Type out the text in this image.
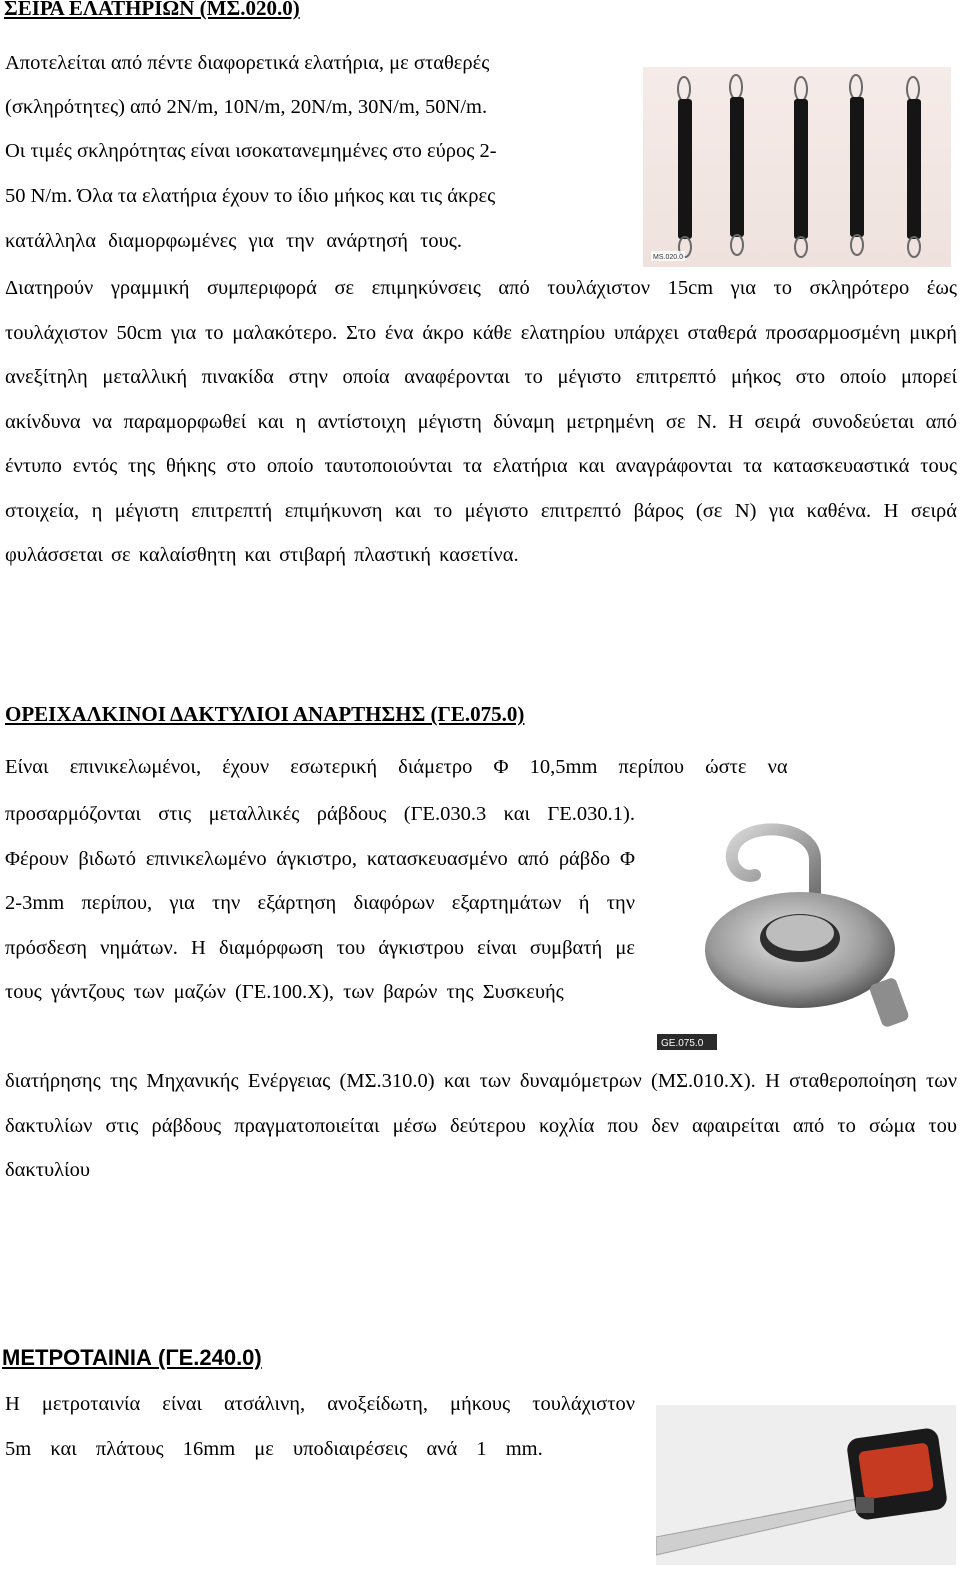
ΣΕΙΡΑ ΕΛΑΤΗΡΙΩΝ (ΜΣ.020.0)

Αποτελείται από πέντε διαφορετικά ελατήρια, με σταθερές

(σκληρότητες) από 2N/m, 10N/m, 20N/m, 30N/m, 50N/m.

Οι τιμές σκληρότητας είναι ισοκατανεμημένες στο εύρος 2-

50 N/m. Όλα τα ελατήρια έχουν το ίδιο μήκος και τις άκρες

κατάλληλα διαμορφωμένες για την ανάρτησή τους.

MS.020.0

Διατηρούν γραμμική συμπεριφορά σε επιμηκύνσεις από τουλάχιστον 15cm για το σκληρότερο έως τουλάχιστον 50cm για το μαλακότερο. Στο ένα άκρο κάθε ελατηρίου υπάρχει σταθερά προσαρμοσμένη μικρή ανεξίτηλη μεταλλική πινακίδα στην οποία αναφέρονται το μέγιστο επιτρεπτό μήκος στο οποίο μπορεί ακίνδυνα να παραμορφωθεί και η αντίστοιχη μέγιστη δύναμη μετρημένη σε N. Η σειρά συνοδεύεται από έντυπο εντός της θήκης στο οποίο ταυτοποιούνται τα ελατήρια και αναγράφονται τα κατασκευαστικά τους στοιχεία, η μέγιστη επιτρεπτή επιμήκυνση και το μέγιστο επιτρεπτό βάρος (σε N) για καθένα. Η σειρά φυλάσσεται σε καλαίσθητη και στιβαρή πλαστική κασετίνα.

ΟΡΕΙΧΑΛΚΙΝΟΙ ΔΑΚΤΥΛΙΟΙ ΑΝΑΡΤΗΣΗΣ (ΓΕ.075.0)

Είναι επινικελωμένοι, έχουν εσωτερική διάμετρο Φ 10,5mm περίπου ώστε να

προσαρμόζονται στις μεταλλικές ράβδους (ΓΕ.030.3 και ΓΕ.030.1). Φέρουν βιδωτό επινικελωμένο άγκιστρο, κατασκευασμένο από ράβδο Φ 2-3mm περίπου, για την εξάρτηση διαφόρων εξαρτημάτων ή την πρόσδεση νημάτων. Η διαμόρφωση του άγκιστρου είναι συμβατή με τους γάντζους των μαζών (ΓΕ.100.Χ), των βαρών της Συσκευής

GE.075.0

διατήρησης της Μηχανικής Ενέργειας (ΜΣ.310.0) και των δυναμόμετρων (ΜΣ.010.Χ). Η σταθεροποίηση των δακτυλίων στις ράβδους πραγματοποιείται μέσω δεύτερου κοχλία που δεν αφαιρείται από το σώμα του δακτυλίου

ΜΕΤΡΟΤΑΙΝΙΑ (ΓΕ.240.0)

Η μετροταινία είναι ατσάλινη, ανοξείδωτη, μήκους τουλάχιστον 5m και πλάτους 16mm με υποδιαιρέσεις ανά 1 mm.
